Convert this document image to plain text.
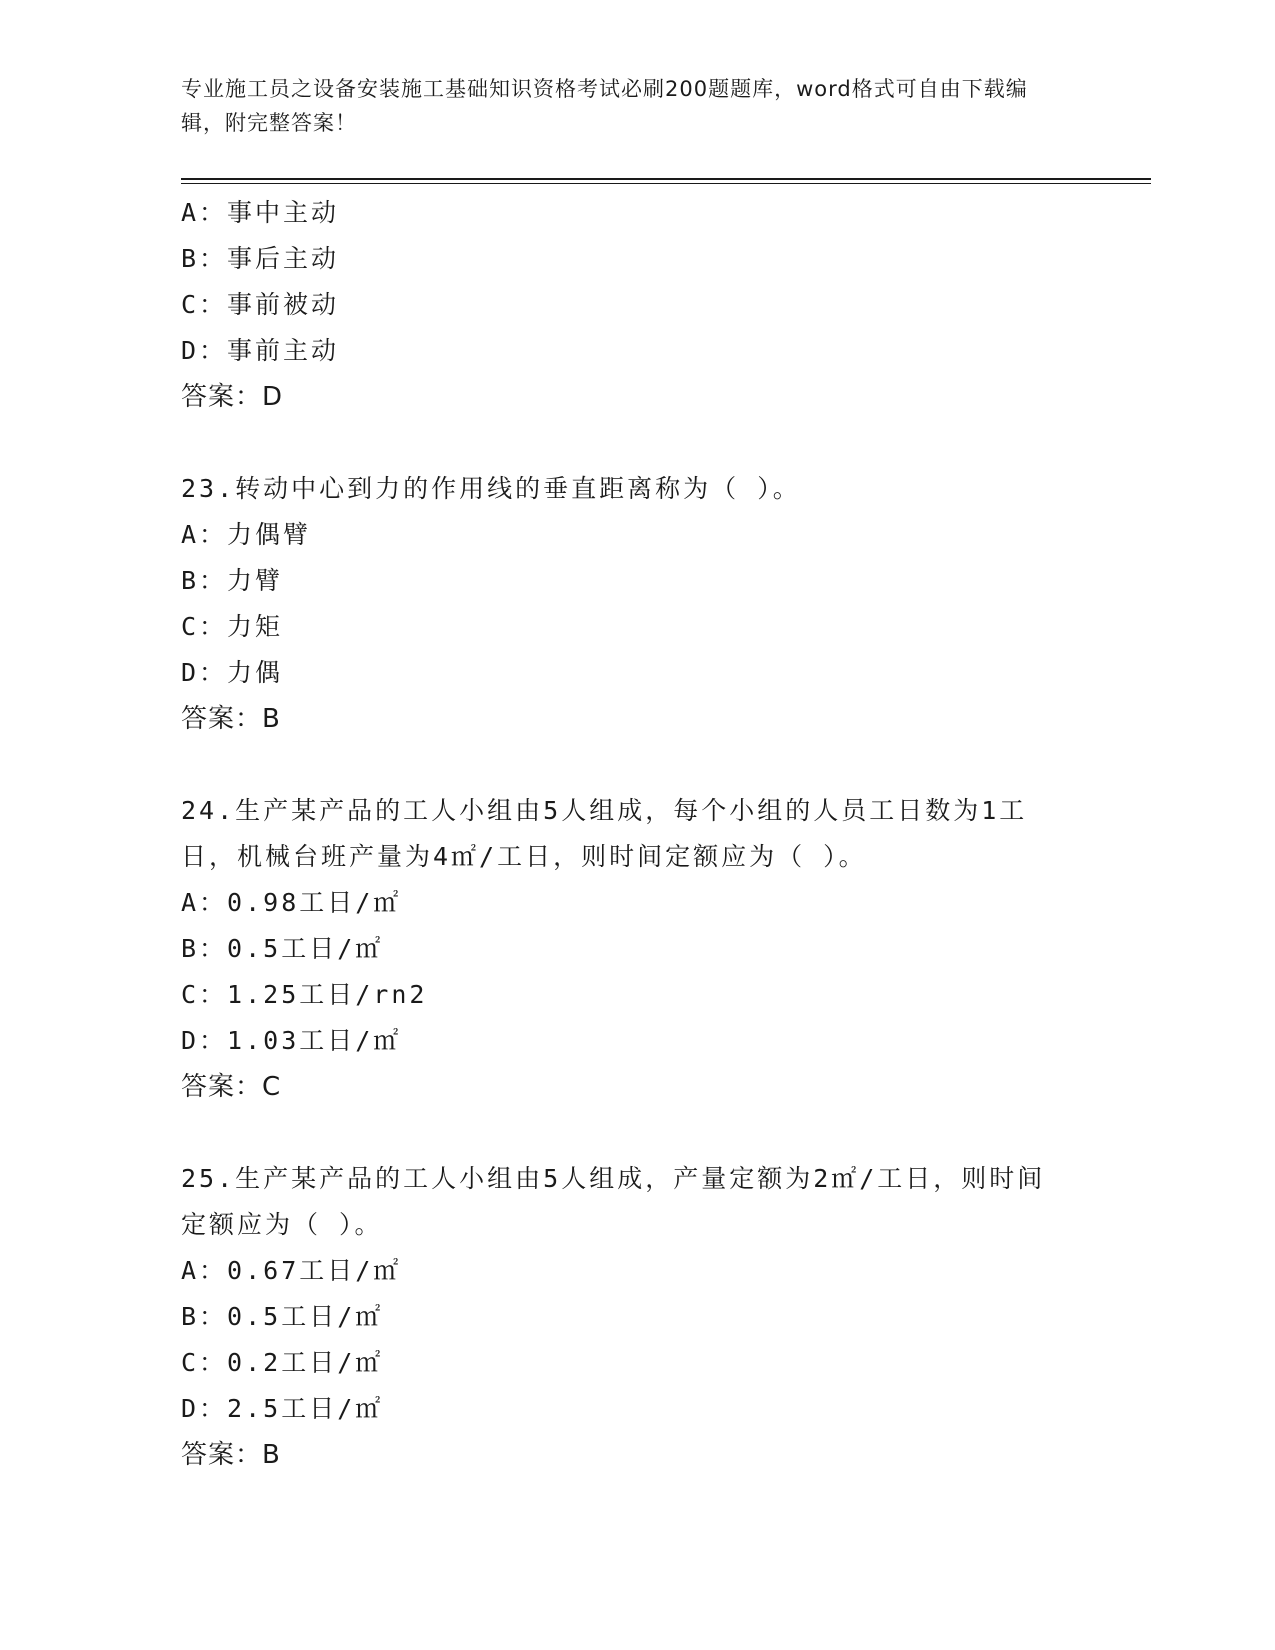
专业施工员之设备安装施工基础知识资格考试必刷200题题库，word格式可自由下载编辑，附完整答案！
A：事中主动
B：事后主动
C：事前被动
D：事前主动
答案：D
23.转动中心到力的作用线的垂直距离称为（ ）。
A：力偶臂
B：力臂
C：力矩
D：力偶
答案：B
24.生产某产品的工人小组由5人组成，每个小组的人员工日数为1工
日，机械台班产量为4㎡/工日，则时间定额应为（ ）。
A：0.98工日/㎡
B：0.5工日/㎡
C：1.25工日/rn2
D：1.03工日/㎡
答案：C
25.生产某产品的工人小组由5人组成，产量定额为2㎡/工日，则时间
定额应为（ ）。
A：0.67工日/㎡
B：0.5工日/㎡
C：0.2工日/㎡
D：2.5工日/㎡
答案：B
